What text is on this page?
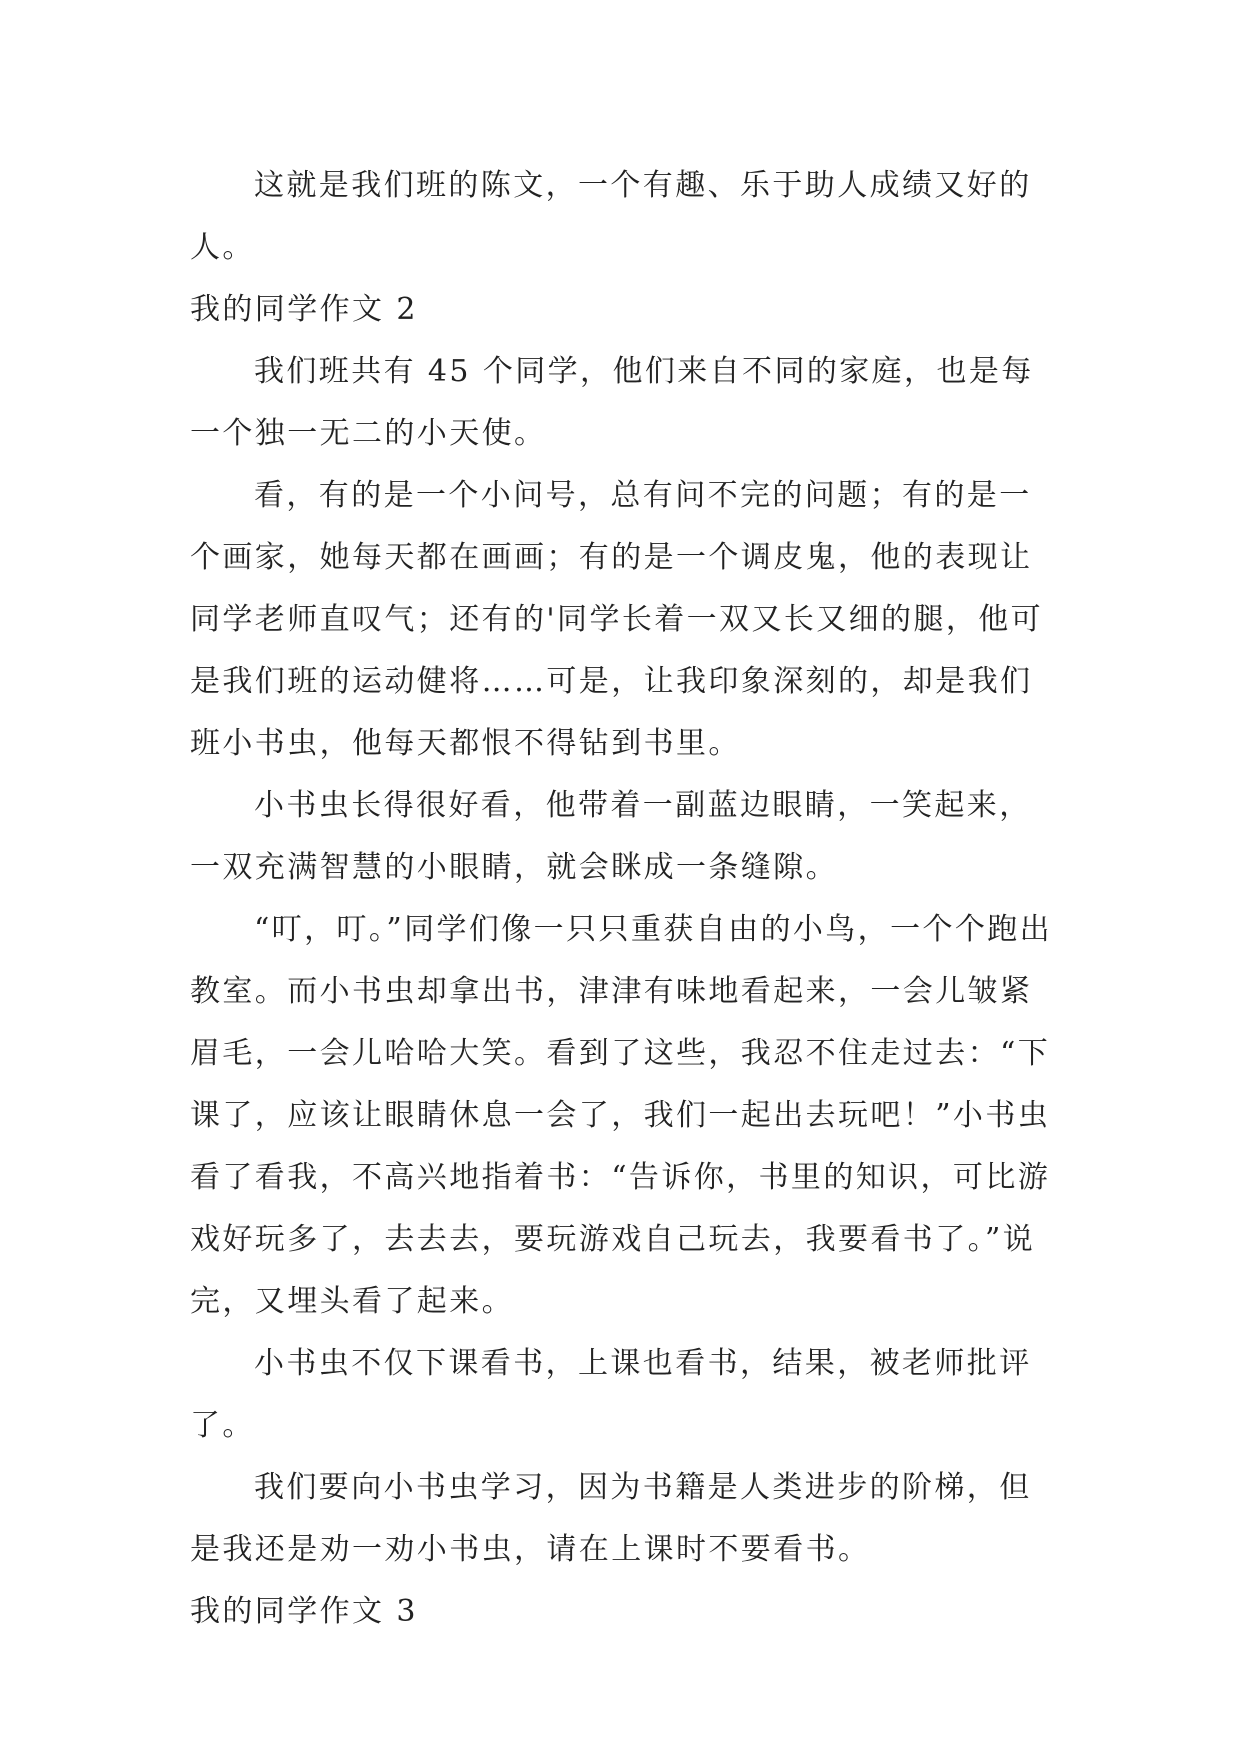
这就是我们班的陈文，一个有趣、乐于助人成绩又好的人。

我的同学作文 2

我们班共有 45 个同学，他们来自不同的家庭，也是每一个独一无二的小天使。

看，有的是一个小问号，总有问不完的问题；有的是一个画家，她每天都在画画；有的是一个调皮鬼，他的表现让同学老师直叹气；还有的'同学长着一双又长又细的腿，他可是我们班的运动健将……可是，让我印象深刻的，却是我们班小书虫，他每天都恨不得钻到书里。

小书虫长得很好看，他带着一副蓝边眼睛，一笑起来，一双充满智慧的小眼睛，就会眯成一条缝隙。

“叮，叮。”同学们像一只只重获自由的小鸟，一个个跑出教室。而小书虫却拿出书，津津有味地看起来，一会儿皱紧眉毛，一会儿哈哈大笑。看到了这些，我忍不住走过去：“下课了，应该让眼睛休息一会了，我们一起出去玩吧！”小书虫看了看我，不高兴地指着书：“告诉你，书里的知识，可比游戏好玩多了，去去去，要玩游戏自己玩去，我要看书了。”说完，又埋头看了起来。

小书虫不仅下课看书，上课也看书，结果，被老师批评了。

我们要向小书虫学习，因为书籍是人类进步的阶梯，但是我还是劝一劝小书虫，请在上课时不要看书。

我的同学作文 3
